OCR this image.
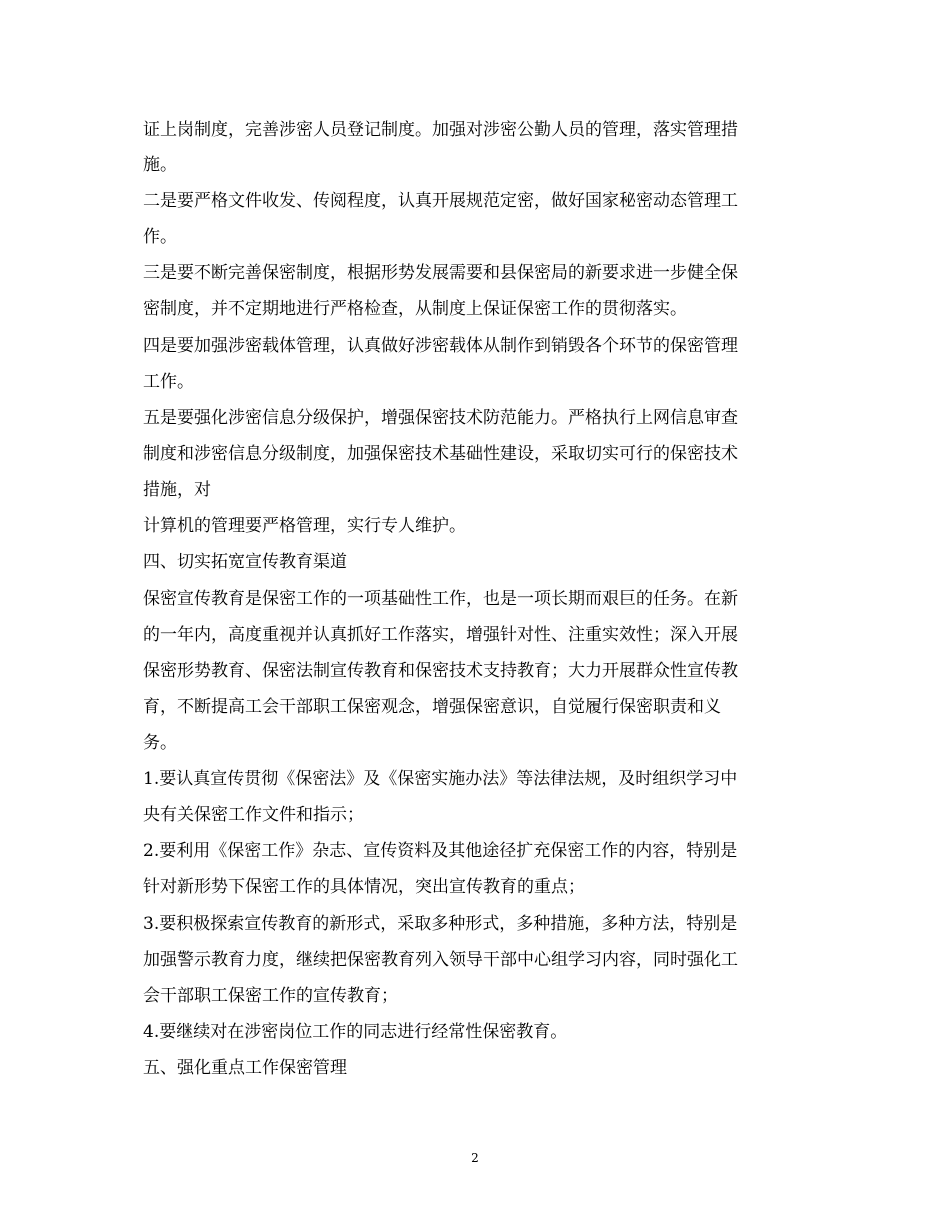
证上岗制度，完善涉密人员登记制度。加强对涉密公勤人员的管理，落实管理措
施。
二是要严格文件收发、传阅程度，认真开展规范定密，做好国家秘密动态管理工
作。
三是要不断完善保密制度，根据形势发展需要和县保密局的新要求进一步健全保
密制度，并不定期地进行严格检查，从制度上保证保密工作的贯彻落实。
四是要加强涉密载体管理，认真做好涉密载体从制作到销毁各个环节的保密管理
工作。
五是要强化涉密信息分级保护，增强保密技术防范能力。严格执行上网信息审查
制度和涉密信息分级制度，加强保密技术基础性建设，采取切实可行的保密技术
措施，对
计算机的管理要严格管理，实行专人维护。
四、切实拓宽宣传教育渠道
保密宣传教育是保密工作的一项基础性工作，也是一项长期而艰巨的任务。在新
的一年内，高度重视并认真抓好工作落实，增强针对性、注重实效性；深入开展
保密形势教育、保密法制宣传教育和保密技术支持教育；大力开展群众性宣传教
育，不断提高工会干部职工保密观念，增强保密意识，自觉履行保密职责和义
务。
1.要认真宣传贯彻《保密法》及《保密实施办法》等法律法规，及时组织学习中
央有关保密工作文件和指示；
2.要利用《保密工作》杂志、宣传资料及其他途径扩充保密工作的内容，特别是
针对新形势下保密工作的具体情况，突出宣传教育的重点；
3.要积极探索宣传教育的新形式，采取多种形式，多种措施，多种方法，特别是
加强警示教育力度，继续把保密教育列入领导干部中心组学习内容，同时强化工
会干部职工保密工作的宣传教育；
4.要继续对在涉密岗位工作的同志进行经常性保密教育。
五、强化重点工作保密管理
2
